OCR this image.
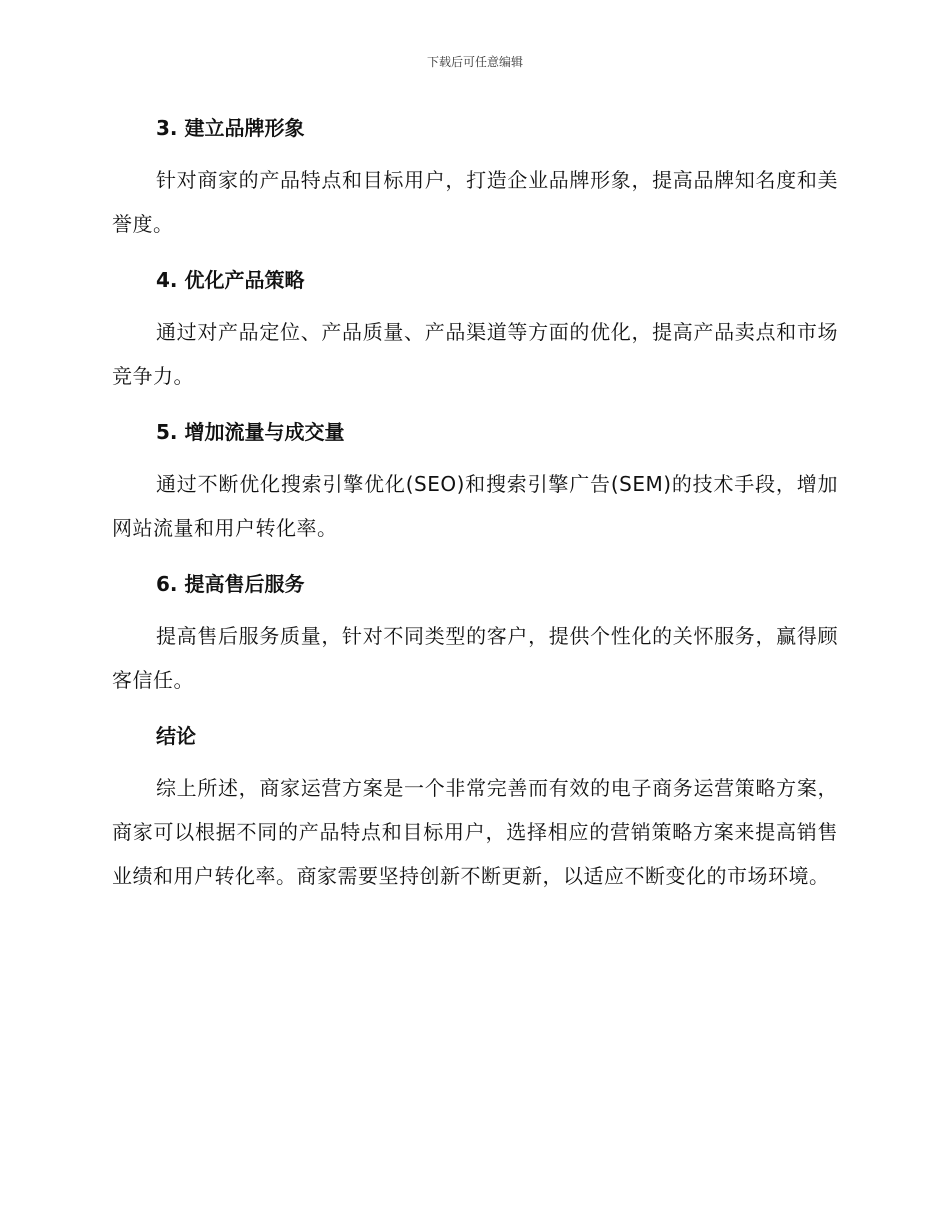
下载后可任意编辑
3. 建立品牌形象

针对商家的产品特点和目标用户，打造企业品牌形象，提高品牌知名度和美誉度。

4. 优化产品策略

通过对产品定位、产品质量、产品渠道等方面的优化，提高产品卖点和市场竞争力。

5. 增加流量与成交量

通过不断优化搜索引擎优化(SEO)和搜索引擎广告(SEM)的技术手段，增加网站流量和用户转化率。

6. 提高售后服务

提高售后服务质量，针对不同类型的客户，提供个性化的关怀服务，赢得顾客信任。

结论

综上所述，商家运营方案是一个非常完善而有效的电子商务运营策略方案，商家可以根据不同的产品特点和目标用户，选择相应的营销策略方案来提高销售业绩和用户转化率。商家需要坚持创新不断更新，以适应不断变化的市场环境。
